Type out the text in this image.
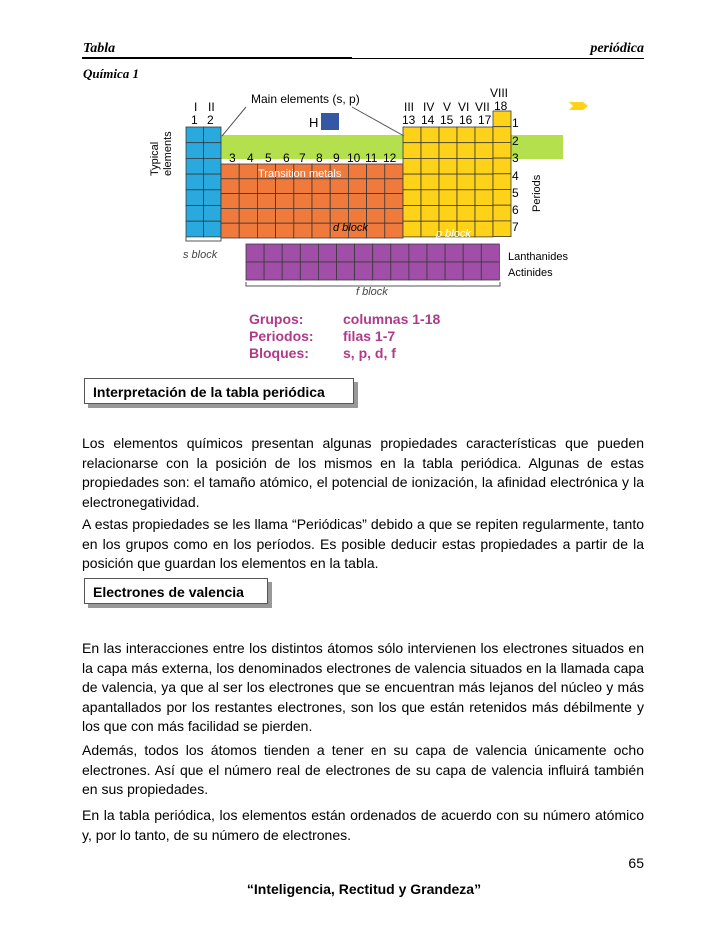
Tabla	periódica
Química 1
H
Main elements (s, p)
I II
1 2
VIII
III IV V VI VII 18
13 14 15 16 17
3 4 5 6 7 8 9 10 11 12
Typical elements	Transition metals
d block	p block
s block
f block
Lanthanides
Actinides
1
2
3
4
5
6
7
Periods
Grupos:	columnas 1-18
Periodos: filas 1-7
Bloques: s, p, d, f
Interpretación de la tabla periódica

Los elementos químicos presentan algunas propiedades características que pueden relacionarse con la posición de los mismos en la tabla periódica. Algunas de estas propiedades son: el tamaño atómico, el potencial de ionización, la afinidad electrónica y la electronegatividad.

A estas propiedades se les llama “Periódicas” debido a que se repiten regularmente, tanto en los grupos como en los períodos. Es posible deducir estas propiedades a partir de la posición que guardan los elementos en la tabla.

Electrones de valencia

En las interacciones entre los distintos átomos sólo intervienen los electrones situados en la capa más externa, los denominados electrones de valencia situados en la llamada capa de valencia, ya que al ser los electrones que se encuentran más lejanos del núcleo y más apantallados por los restantes electrones, son los que están retenidos más débilmente y los que con más facilidad se pierden.

Además, todos los átomos tienden a tener en su capa de valencia únicamente ocho electrones. Así que el número real de electrones de su capa de valencia influirá también en sus propiedades.

En la tabla periódica, los elementos están ordenados de acuerdo con su número atómico y, por lo tanto, de su número de electrones.

65
“Inteligencia, Rectitud y Grandeza”
